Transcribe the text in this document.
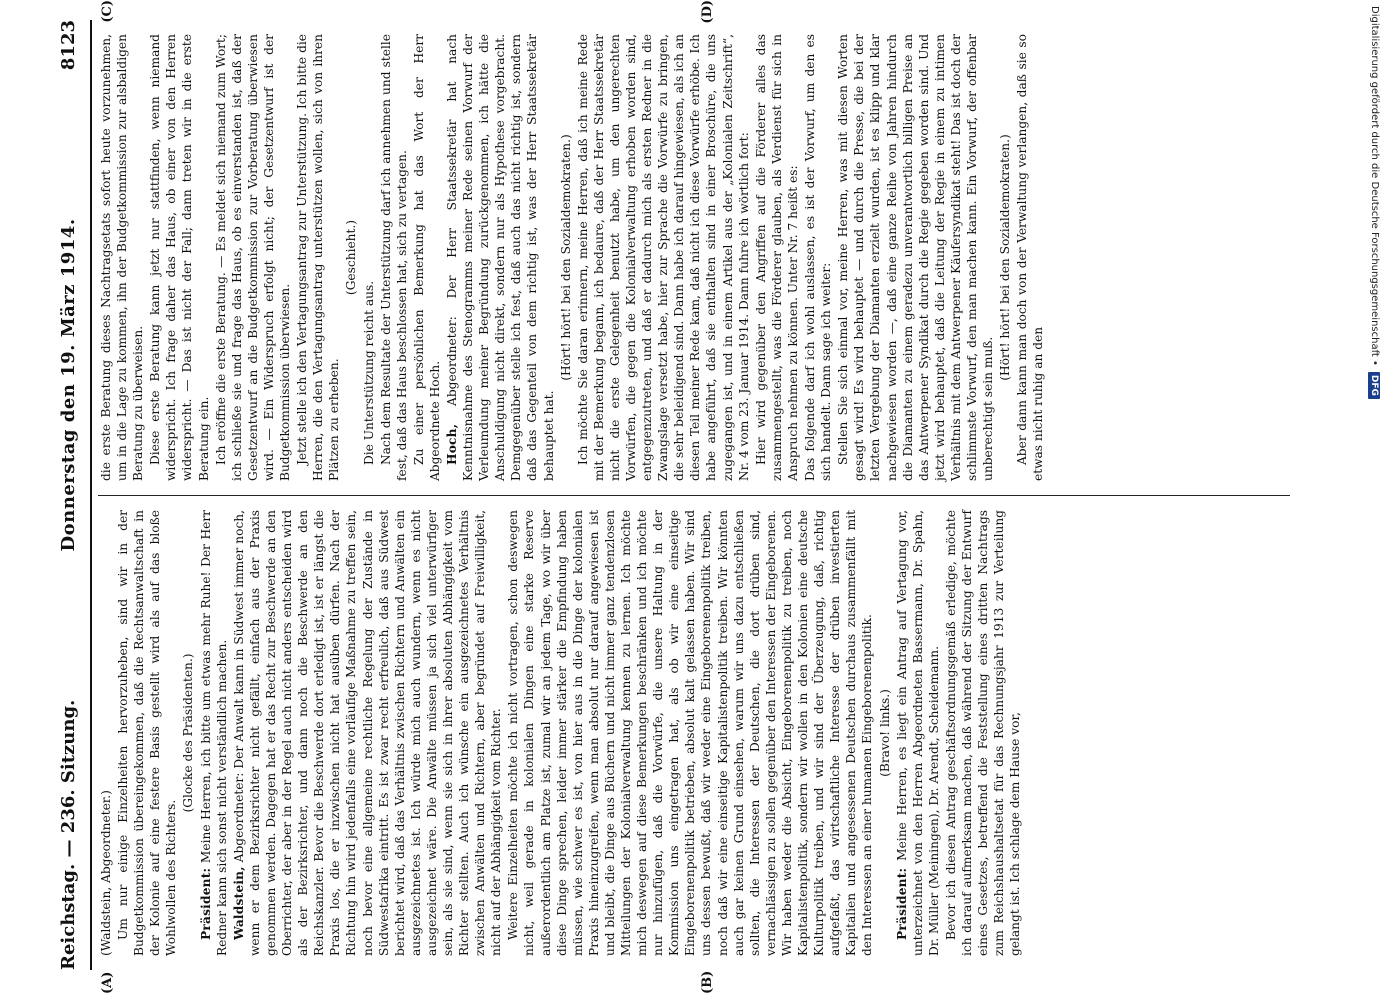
Reichstag. — 236. Sitzung.
Donnerstag den 19. März 1914.
8123
(A)	(B)
(C)	(D)

(Waldstein, Abgeordneter.) Um nur einige Einzelheiten hervorzuheben, sind wir in der Budgetkommission übereingekommen, daß die Rechtsanwaltschaft in der Kolonie auf eine festere Basis gestellt wird als auf das bloße Wohlwollen des Richters.

(Glocke des Präsidenten.)

Präsident: Meine Herren, ich bitte um etwas mehr Ruhe! Der Herr Redner kann sich sonst nicht verständlich machen. Waldstein, Abgeordneter: Der Anwalt kann in Südwest immer noch, wenn er dem Bezirksrichter nicht gefällt, einfach aus der Praxis genommen werden. Dagegen hat er das Recht zur Beschwerde an den Oberrichter, der aber in der Regel auch nicht anders entscheiden wird als der Bezirksrichter, und dann noch die Beschwerde an den Reichskanzler. Bevor die Beschwerde dort erledigt ist, ist er längst die Praxis los, die er inzwischen nicht hat ausüben dürfen. Nach der Richtung hin wird jedenfalls eine vorläufige Maßnahme zu treffen sein, noch bevor eine allgemeine rechtliche Regelung der Zustände in Südwestafrika eintritt. Es ist zwar recht erfreulich, daß aus Südwest berichtet wird, daß das Verhältnis zwischen Richtern und Anwälten ein ausgezeichnetes ist. Ich würde mich auch wundern, wenn es nicht ausgezeichnet wäre. Die Anwälte müssen ja sich viel unterwürfiger sein, als sie sind, wenn sie sich in ihrer absoluten Abhängigkeit vom Richter stellten. Auch ich wünsche ein ausgezeichnetes Verhältnis zwischen Anwälten und Richtern, aber begründet auf Freiwilligkeit, nicht auf der Abhängigkeit vom Richter. Weitere Einzelheiten möchte ich nicht vortragen, schon deswegen nicht, weil gerade in kolonialen Dingen eine starke Reserve außerordentlich am Platze ist, zumal wir an jedem Tage, wo wir über diese Dinge sprechen, leider immer stärker die Empfindung haben müssen, wie schwer es ist, von hier aus in die Dinge der kolonialen Praxis hineinzugreifen, wenn man absolut nur darauf angewiesen ist und bleibt, die Dinge aus Büchern und nicht immer ganz tendenzlosen Mitteilungen der Kolonialverwaltung kennen zu lernen. Ich möchte mich deswegen auf diese Bemerkungen beschränken und ich möchte nur hinzufügen, daß die Vorwürfe, die unsere Haltung in der Kommission uns eingetragen hat, als ob wir eine einseitige Eingeborenenpolitik betrieben, absolut kalt gelassen haben. Wir sind uns dessen bewußt, daß wir weder eine Eingeborenenpolitik treiben, noch daß wir eine einseitige Kapitalistenpolitik treiben. Wir könnten auch gar keinen Grund einsehen, warum wir uns dazu entschließen sollten, die Interessen der Deutschen, die dort drüben sind, vernachlässigen zu sollen gegenüber den Interessen der Eingeborenen. Wir haben weder die Absicht, Eingeborenenpolitik zu treiben, noch Kapitalistenpolitik, sondern wir wollen in den Kolonien eine deutsche Kulturpolitik treiben, und wir sind der Überzeugung, daß, richtig aufgefaßt, das wirtschaftliche Interesse der drüben investierten Kapitalien und angesessenen Deutschen durchaus zusammenfällt mit den Interessen an einer humanen Eingeborenenpolitik. (Bravo! links.)

Präsident: Meine Herren, es liegt ein Antrag auf Vertagung vor, unterzeichnet von den Herren Abgeordneten Bassermann, Dr. Spahn, Dr. Müller (Meiningen), Dr. Arendt, Scheidemann. Bevor ich diesen Antrag geschäftsordnungsgemäß erledige, möchte ich darauf aufmerksam machen, daß während der Sitzung der Entwurf eines Gesetzes, betreffend die Feststellung eines dritten Nachtrags zum Reichshaushaltsetat für das Rechnungsjahr 1913 zur Verteilung gelangt ist. Ich schlage dem Hause vor,

die erste Beratung dieses Nachtragsetats sofort heute vorzunehmen, um in die Lage zu kommen, ihn der Budgetkommission zur alsbaldigen Beratung zu überweisen. Diese erste Beratung kann jetzt nur stattfinden, wenn niemand widerspricht. Ich frage daher das Haus, ob einer von den Herren widerspricht. — Das ist nicht der Fall; dann treten wir in die erste Beratung ein. Ich eröffne die erste Beratung. — Es meldet sich niemand zum Wort; ich schließe sie und frage das Haus, ob es einverstanden ist, daß der Gesetzentwurf an die Budgetkommission zur Vorberatung überwiesen wird. — Ein Widerspruch erfolgt nicht; der Gesetzentwurf ist der Budgetkommission überwiesen. Jetzt stelle ich den Vertagungsantrag zur Unterstützung. Ich bitte die Herren, die den Vertagungsantrag unterstützen wollen, sich von ihren Plätzen zu erheben.

(Geschieht.)

Die Unterstützung reicht aus. Nach dem Resultate der Unterstützung darf ich annehmen und stelle fest, daß das Haus beschlossen hat, sich zu vertagen. Zu einer persönlichen Bemerkung hat das Wort der Herr Abgeordnete Hoch. Hoch, Abgeordneter: Der Herr Staatssekretär hat nach Kenntnisnahme des Stenogramms meiner Rede seinen Vorwurf der Verleumdung meiner Begründung zurückgenommen, ich hätte die Anschuldigung nicht direkt, sondern nur als Hypothese vorgebracht. Demgegenüber stelle ich fest, daß auch das nicht richtig ist, sondern daß das Gegenteil von dem richtig ist, was der Herr Staatssekretär behauptet hat.

(Hört! hört! bei den Sozialdemokraten.) Ich möchte Sie daran erinnern, meine Herren, daß ich meine Rede mit der Bemerkung begann, ich bedaure, daß der Herr Staatssekretär nicht die erste Gelegenheit benutzt habe, um den ungerechten Vorwürfen, die gegen die Kolonialverwaltung erhoben worden sind, entgegenzutreten, und daß er dadurch mich als ersten Redner in die Zwangslage versetzt habe, hier zur Sprache die Vorwürfe zu bringen, die sehr beleidigend sind. Dann habe ich darauf hingewiesen, als ich an diesen Teil meiner Rede kam, daß nicht ich diese Vorwürfe erhöbe. Ich habe angeführt, daß sie enthalten sind in einer Broschüre, die uns zugegangen ist, und in einem Artikel aus der „Kolonialen Zeitschrift“, Nr. 4 vom 23. Januar 1914. Dann fuhre ich wörtlich fort: Hier wird gegenüber den Angriffen auf die Förderer alles das zusammengestellt, was die Förderer glauben, als Verdienst für sich in Anspruch nehmen zu können. Unter Nr. 7 heißt es: Das folgende darf ich wohl auslassen, es ist der Vorwurf, um den es sich handelt. Dann sage ich weiter: Stellen Sie sich einmal vor, meine Herren, was mit diesen Worten gesagt wird! Es wird behauptet — und durch die Presse, die bei der letzten Vergebung der Diamanten erzielt wurden, ist es klipp und klar nachgewiesen worden —, daß eine ganze Reihe von Jahren hindurch die Diamanten zu einem geradezu unverantwortlich billigen Preise an das Antwerpener Syndikat durch die Regie gegeben worden sind. Und jetzt wird behauptet, daß die Leitung der Regie in einem zu intimen Verhältnis mit dem Antwerpener Käufersyndikat steht! Das ist doch der schlimmste Vorwurf, den man machen kann. Ein Vorwurf, der offenbar unberechtigt sein muß.

(Hört! hört! bei den Sozialdemokraten.) Aber dann kann man doch von der Verwaltung verlangen, daß sie so etwas nicht ruhig an den

Digitalisierung gefördert durch die Deutsche Forschungsgemeinschaft •
DFG
